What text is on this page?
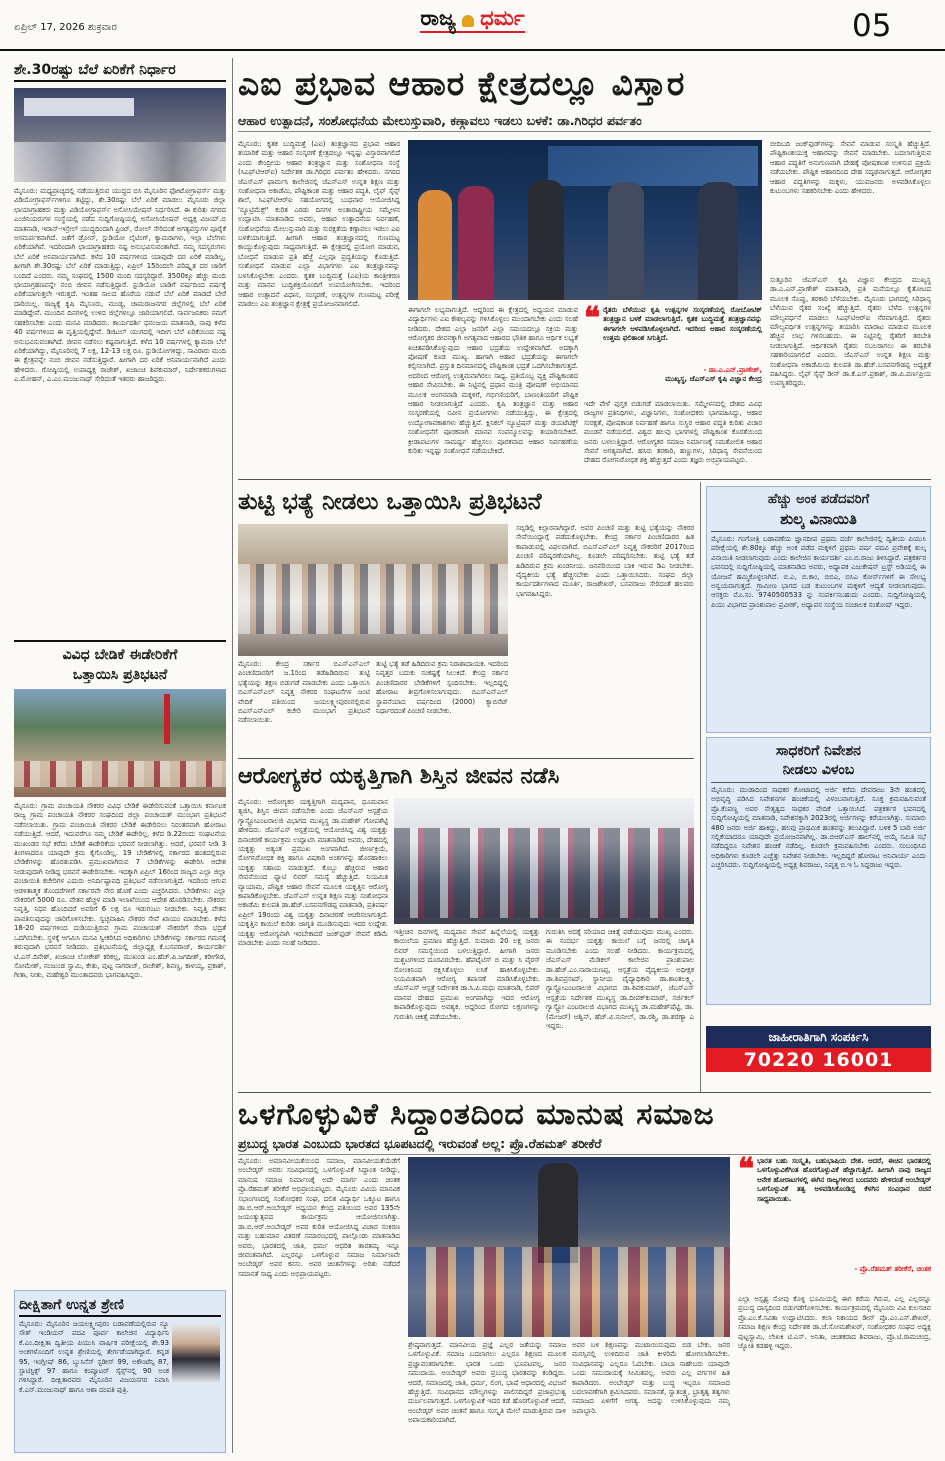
ಏಪ್ರಿಲ್ 17, 2026 ಶುಕ್ರವಾರ	ರಾಜ್ಯ ಧರ್ಮ	05
ಶೇ.30ರಷ್ಟು ಬೆಲೆ ಏರಿಕೆಗೆ ನಿರ್ಧಾರ
ಮೈಸೂರು: ಮಧ್ಯಪ್ರಾಚ್ಯದಲ್ಲಿ ನಡೆಯುತ್ತಿರುವ ಯುದ್ಧದ ಬಿಸಿ ಮೈಸೂರಿನ ಫೋಟೋಗ್ರಾಫರ್ಸ್ ಮತ್ತು ವಿಡಿಯೋಗ್ರಾಫರ್ಸ್‌ಗಳಿಗೂ ತಟ್ಟಿದ್ದು, ಶೇ.30ರಷ್ಟು ಬೆಲೆ ಏರಿಕೆ ಮಾಡಲು ಮೈಸೂರು ಜಿಲ್ಲಾ ಛಾಯಾಗ್ರಾಹಕರು ಮತ್ತು ವಿಡಿಯೋಗ್ರಾಫರ್ಸ್ ಅಸೋಸಿಯೇಷನ್ ನಿರ್ಧರಿಸಿದೆ. ಈ ಕುರಿತು ನಗರದ ಎಂಜಿನಿಯರುಗಳ ಸಂಸ್ಥೆಯಲ್ಲಿ ನಡೆದ ಸುದ್ದಿಗೋಷ್ಠಿಯಲ್ಲಿ ಅಸೋಸಿಯೇಷನ್ ಅಧ್ಯಕ್ಷ ವಿಜಯ್.ಬಿ ಮಾತನಾಡಿ, ಇರಾನ್-ಇಸ್ರೇಲ್ ಯುದ್ಧದಿಂದಾಗಿ ಫ್ರಿಂಟ್, ರೋಲ್ ಸೇರಿದಂತೆ ಅಗತ್ಯವಸ್ತುಗಳ ಪೂರೈಕೆ ಅಸಮರ್ಪಕವಾಗಿದೆ. ಜತೆಗೆ ಡ್ರೋನ್, ಸ್ಟುಡಿಯೋ ಲೈಟಿಂಗ್, ಕ್ಯಾಮರಾಗಳು, ಇಲ್ಲಾ ಬೆಲೆಗಳು ಏರಿಕೆಯಾಗಿವೆ. ಇದರಿಂದಾಗಿ ಛಾಯಾಗ್ರಾಹಕರು ನಷ್ಟ ಅನುಭವಿಸುವಂತಾಗಿದೆ. ನಮ್ಮ ಸದಸ್ಯರುಗಳು ಬೆಲೆ ಏರಿಕೆ ಅನಿವಾರ್ಯವಾಗಿದೆ. ಕಳೆದ 10 ವರ್ಷಗಳಿಂದ ಯಾವುದೇ ದರ ಏರಿಕೆ ಮಾಡಿಲ್ಲ, ಹೀಗಾಗಿ ಶೇ.30ರಷ್ಟು ಬೆಲೆ ಏರಿಕೆ ಮಾಡುತ್ತಿದ್ದು, ಏಪ್ರಿಲ್ 15ರಿಂದಲೇ ಪರಿಷ್ಕೃತ ದರ ಜಾರಿಗೆ ಬಂದಿದೆ ಎಂದರು. ನಮ್ಮ ಸಂಘದಲ್ಲಿ 1500 ಮಂದಿ ಸದಸ್ಯರಿದ್ದಾರೆ. 3500ಕ್ಕೂ ಹೆಚ್ಚು ಮಂದಿ ಛಾಯಾಗ್ರಹಣವನ್ನೇ ನಂಬಿ ಜೀವನ ನಡೆಸುತ್ತಿದ್ದಾರೆ. ಸ್ಟುಡಿಯೋ ಬಾಡಿಗೆ ವರ್ಷದಿಂದ ವರ್ಷಕ್ಕೆ ಏರಿಕೆಯಾಗುತ್ತಲೇ ಇರುತ್ತದೆ. ಇಂತಹ ಸಾಲದ ಹೊರೆಯ ನಡುವೆ ಬೆಲೆ ಏರಿಕೆ ಮಾಡದೆ ಬೇರೆ ದಾರಿಯಿಲ್ಲ. ರಾಜ್ಯಕ್ಕೆ ಕೃಷಿ ಮೈಸೂರು, ಮಂಡ್ಯ, ಚಾಮರಾಜನಗರ ಜಿಲ್ಲೆಗಳಲ್ಲಿ ಬೆಲೆ ಏರಿಕೆ ಮಾಡಿದ್ದೇವೆ. ಮುಂದಿನ ದಿನಗಳಲ್ಲಿ ಉಳಿದ ಜಿಲ್ಲೆಗಳಲ್ಲೂ ಜಾರಿಯಾಗಲಿದೆ. ಸಾರ್ವಜನಿಕರು ನಮಗೆ ಸಹಕರಿಸಬೇಕು ಎಂದು ಮನವಿ ಮಾಡಿದರು. ಕಾರ್ಯದರ್ಶಿ ಧನಂಜಯ ಮಾತನಾಡಿ, ನಾವು ಕಳೆದ 40 ವರ್ಷಗಳಿಂದ ಈ ವೃತ್ತಿಯಲ್ಲಿದ್ದೇವೆ. ಡಿಜಿಟಲ್ ಯುಗದಲ್ಲಿ ಇದೀಗ ಬೆಲೆ ಏರಿಕೆಯಿಂದ ನಷ್ಟ ಅನುಭವಿಸುವಂತಾಗಿದೆ. ಜೀವನ ನಡೆಸಲು ಕಷ್ಟವಾಗುತ್ತಿದೆ. ಕಳೆದ 10 ವರ್ಷಗಳಲ್ಲಿ ಕ್ಯಾಮರಾ ಬೆಲೆ ಏರಿಕೆಯಾಗಿದ್ದು, ಮೈಸೂರಿನಲ್ಲಿ 7 ಲಕ್ಷ, 12-13 ಲಕ್ಷ ರೂ. ಸ್ಟುಡಿಯೋಗಳಿದ್ದು, ಸಾವಿರಾರು ಮಂದಿ ಈ ಕ್ಷೇತ್ರವನ್ನೇ ನಂಬಿ ಜೀವನ ನಡೆಸುತ್ತಿದ್ದಾರೆ. ಹೀಗಾಗಿ ದರ ಏರಿಕೆ ಅನಿವಾರ್ಯವಾಗಿದೆ ಎಂದು ಹೇಳಿದರು. ಗೋಷ್ಠಿಯಲ್ಲಿ ಉಪಾಧ್ಯಕ್ಷ ರಾಜೇಶ್, ಖಜಾಂಚಿ ಶಿವಕುಮಾರ್, ನಿರ್ದೇಶಕರುಗಳಾದ ಎ.ಮೋಹನ್, ಎ.ಎಂ.ಮಂಜುನಾಥ್ ಸೇರಿದಂತೆ ಇತರರು ಹಾಜರಿದ್ದರು.
ವಿವಿಧ ಬೇಡಿಕೆ ಈಡೇರಿಕೆಗೆ
ಒತ್ತಾಯಿಸಿ ಪ್ರತಿಭಟನೆ
ಮೈಸೂರು: ಗ್ರಾಮ ಪಂಚಾಯತಿ ನೌಕರರ ವಿವಿಧ ಬೇಡಿಕೆ ಈಡೇರಿಸುವಂತೆ ಒತ್ತಾಯಿಸಿ ಕರ್ನಾಟಕ ರಾಜ್ಯ ಗ್ರಾಮ ಪಂಚಾಯತಿ ನೌಕರರ ಸಂಘದಿಂದ ಜಿಲ್ಲಾ ಪಂಚಾಯತ್ ಮುಂಭಾಗ ಪ್ರತಿಭಟನೆ ನಡೆಸಲಾಯಿತು. ಗ್ರಾಮ ಪಂಚಾಯಿತಿ ನೌಕರರ ಬೇಡಿಕೆ ಈಡೇರಿಸಲು ನಿರಂತರವಾಗಿ ಹೋರಾಟ ನಡೆಯುತ್ತಿದೆ. ಆದರೆ, ಇದುವರೆಗೂ ನಮ್ಮ ಬೇಡಿಕೆ ಈಡೇರಿಲ್ಲ. ಕಳೆದ ಡಿ.22ರಂದು ಸಂಘಟನೆಯ ಮುಖಂಡರ ಸಭೆ ಕರೆದು ಬೇಡಿಕೆ ಈಡೇರಿಕೆಯ ಭರವಸೆ ನೀಡಲಾಗಿತ್ತು. ಆದರೆ, ಭರವಸೆ ನೀಡಿ 3 ತಿಂಗಳಾದರೂ ಯಾವುದೇ ಕ್ರಮ ಕೈಗೊಂಡಿಲ್ಲ. 19 ಬೇಡಿಕೆಗಳಲ್ಲಿ ಸರ್ಕಾರದ ಹಂತದಲ್ಲಿರುವ ಬೇಡಿಕೆಗಳನ್ನು ಹೊರತುಪಡಿಸಿ ಪ್ರಮುಖವಾಗಿರುವ 7 ಬೇಡಿಕೆಗಳನ್ನು ಈಡೇರಿಸಿ ಆದೇಶ ನೀಡುವುದಾಗಿ ನೀಡಿದ್ದ ಭರವಸೆ ಈಡೇರಿಸಬೇಕು. ಇದಕ್ಕಾಗಿ ಏಪ್ರಿಲ್ 16ರಿಂದ ರಾಜ್ಯದ ಎಲ್ಲಾ ಜಿಲ್ಲಾ ಪಂಚಾಯಿತಿ ಕಚೇರಿಗಳ ಎದುರು ಅನಿರ್ದಿಷ್ಟಾವಧಿ ಪ್ರತಿಭಟನೆ ನಡೆಸಲಾಗುತ್ತಿದೆ. ಇದರಿಂದ ಆಗುವ ಆಡಳಿತಾತ್ಮಕ ತೊಂದರೆಗಳಿಗೆ ಸರ್ಕಾರವೇ ನೇರ ಹೊಣೆ ಎಂದು ಎಚ್ಚರಿಸಿದರು. ಬೇಡಿಕೆಗಳು: ಎಲ್ಲಾ ನೌಕರರಿಗೆ 5000 ರೂ. ವೇತನ ಹೆಚ್ಚಳ ಮಾಡಿ ಇಲಾಖೆಯಿಂದ ಆದೇಶ ಹೊರಡಿಸಬೇಕು. ನೌಕರರು ನಿವೃತ್ತಿ, ನಿಧನ ಹೊಂದಿದರೆ ಅವರಿಗೆ 6 ಲಕ್ಷ ರೂ ಇಡುಗಂಟು ನೀಡಬೇಕು. ನಿವೃತ್ತಿ ವೇತನ ಪಾವತಿಸುವುದನ್ನು ಜಾರಿಗೊಳಿಸಬೇಕು. ಸ್ವಚ್ಛವಾಹಿನಿ ನೌಕರರ ಸೇವೆ ಖಾಯಂ ಮಾಡಬೇಕು. ಕಳೆದ 18-20 ವರ್ಷಗಳಿಂದ ದುಡಿಯುತ್ತಿರುವ ಗ್ರಾಮ ಪಂಚಾಯತ್ ನೌಕರರಿಗೆ ಸೇವಾ ಭದ್ರತೆ ಒದಗಿಸಬೇಕು. ಸ್ಥಳಕ್ಕೆ ಆಗಮಿಸಿ ಮನವಿ ಸ್ವೀಕರಿಸಿದ ಅಧಿಕಾರಿಗಳು ಬೇಡಿಕೆಗಳನ್ನು ಸರ್ಕಾರದ ಗಮನಕ್ಕೆ ತರುವುದಾಗಿ ಭರವಸೆ ನೀಡಿದರು. ಪ್ರತಿಭಟನೆಯಲ್ಲಿ ಜಿಲ್ಲಾಧ್ಯಕ್ಷ ಕೆ.ಬಸವರಾಜ್, ಕಾರ್ಯದರ್ಶಿ ಟಿ.ಎಸ್.ದಿನೇಶ್, ಖಜಾಂಚಿ ಲೋಕೇಶ್ ಕರಿಕಲ್ಲ, ಮುಖಂಡ ಎಂ.ಹೆಚ್.ಪಿ.ಜಗದೀಶ್, ಕರೀಗೌಡ, ಸೋಮೇಶ್, ನಂಜುಂಡ ಸ್ವಾಮಿ, ಕೇತು, ಪುಟ್ಟ ನಾಗರಾಜ್, ರಾಜೇಶ್, ಶಿವಣ್ಣ, ಕಾಳಯ್ಯ, ಪ್ರಕಾಶ್, ಗೀತಾ, ನೀತು, ಮಹೇಶ್ವರಿ ಮುಂತಾದವರು ಭಾಗವಹಿಸಿದ್ದರು.
ದೀಕ್ಷಿತಾಗೆ ಉನ್ನತ ಶ್ರೇಣಿ
ಮೈಸೂರು: ಮೈಸೂರಿನ ಜಯಲಕ್ಷ್ಮೀಪುರಂ ಬಡಾವಣೆಯಲ್ಲಿರುವ ನ್ಯೂ ಸೌತ್ ಇಂಡಿಯನ್ ಪದವಿ ಪೂರ್ವ ಕಾಲೇಜಿನ ವಿದ್ಯಾರ್ಥಿನಿ ಕೆ.ಎಂ.ದೀಕ್ಷಿತಾ ದ್ವಿತೀಯ ಪಿಯುಸಿ ವಾರ್ಷಿಕ ಪರೀಕ್ಷೆಯಲ್ಲಿ ಶೇ.93 ಅಂಕಗಳೊಂದಿಗೆ ಉನ್ನತ ಶ್ರೇಣಿಯಲ್ಲಿ ತೇರ್ಗಡೆಯಾಗಿದ್ದಾರೆ. ಕನ್ನಡ 95, ಇಂಗ್ಲೀಷ್ 86, ಬ್ಯುಸಿನೆಸ್ ಸ್ಟಡೀಸ್ 99, ಅಕೌಂಟೆನ್ಸಿ 87, ಸ್ಟಾಟಿಸ್ಟಿಕ್ಸ್ 97 ಹಾಗೂ ಕಂಪ್ಯೂಟರ್ ಸೈನ್ಸ್‌ನಲ್ಲಿ 90 ಅಂಕ ಗಳಿಸಿದ್ದಾರೆ. ದೀಕ್ಷಿತಾರವರು ಮೈಸೂರಿನ ವಿಜಯನಗರ ನಿವಾಸಿ ಕೆ.ಎಸ್.ಮಂಜುನಾಥ್ ಹಾಗೂ ಆಶಾ ದಂಪತಿ ಪುತ್ರಿ.
ಎಐ ಪ್ರಭಾವ ಆಹಾರ ಕ್ಷೇತ್ರದಲ್ಲೂ ವಿಸ್ತಾರ
ಆಹಾರ ಉತ್ಪಾದನೆ, ಸಂಶೋಧನೆಯ ಮೇಲುಸ್ತುವಾರಿ, ಕಣ್ಗಾವಲು ಇಡಲು ಬಳಕೆ: ಡಾ.ಗಿರಿಧರ ಪರ್ವತಂ
ಮೈಸೂರು: ಕೃತಕ ಬುದ್ಧಿಮತ್ತೆ (ಎಐ) ತಂತ್ರಜ್ಞಾನದ ಪ್ರಭಾವ ಆಹಾರ ತಯಾರಿಕೆ ಮತ್ತು ಆಹಾರ ಸಂಸ್ಕರಣೆ ಕ್ಷೇತ್ರದಲ್ಲೂ ಇನ್ನಷ್ಟು ವಿಸ್ತಾರವಾಗಲಿದೆ ಎಂದು ಕೇಂದ್ರೀಯ ಆಹಾರ ತಂತ್ರಜ್ಞಾನ ಮತ್ತು ಸಂಶೋಧನಾ ಸಂಸ್ಥೆ (ಸಿಎಫ್‌ಟಿಆರ್‌ಐ) ನಿರ್ದೇಶಕ ಡಾ.ಗಿರಿಧರ ಪರ್ವತಂ ಹೇಳಿದರು. ನಗರದ ಜೆಎಸ್‌ಎಸ್ ಫಾರ್ಮಸಿ ಕಾಲೇಜಿನಲ್ಲಿ ಜೆಎಸ್‌ಎಸ್ ಉನ್ನತ ಶಿಕ್ಷಣ ಮತ್ತು ಸಂಶೋಧನಾ ಅಕಾಡೆಮಿ, ಪೌಷ್ಟಿಕಾಂಶ ಮತ್ತು ಆಹಾರ ಪದ್ಧತಿ, ಲೈಫ್ ಸೈನ್ಸ್ ಶಾಲೆ, ಸಿಎಫ್‌ಟಿಆರ್‌ಐ ಸಹಯೋಗದಲ್ಲಿ ಬುಧವಾರ ಆಯೋಜಿಸಿದ್ದ 'ನ್ಯೂಟ್ರಿಮೆಕ್ಸ್' ಕುರಿತ ಎರಡು ದಿನಗಳ ಅಂತಾರಾಷ್ಟ್ರೀಯ ಸಮ್ಮೇಳನ ಉದ್ಘಾಟಿಸಿ ಮಾತನಾಡಿದ ಅವರು, ಆಹಾರ ಉತ್ಪಾದನೆಯ ನಿರ್ವಹಣೆ, ಸಂಶೋಧನೆಯ ಮೇಲುಸ್ತುವಾರಿ ಮತ್ತು ಸುರಕ್ಷತೆಯ ಕಣ್ಗಾವಲು ಇಡಲು ಎಐ ಬಳಕೆಯಾಗುತ್ತಿದೆ. ಹೀಗಾಗಿ ಆಹಾರ ತಂತ್ರಜ್ಞಾನದಲ್ಲಿ ಗುಣಮಟ್ಟ ಕಾಯ್ದುಕೊಳ್ಳುವುದು ಸಾಧ್ಯವಾಗುತ್ತಿದೆ. ಈ ಕ್ಷೇತ್ರದಲ್ಲಿ ಪ್ರಯೋಗ ಮಾಡುವ, ಬೋಧನೆ ಮಾಡುವ ಪ್ರತಿ ಹೆಜ್ಜೆ ಎಲ್ಲವೂ ಪ್ರದ್ಧತಿಯನ್ನು ಕೊಡುತ್ತಿದೆ. ಸಂಶೋಧನೆ ಮಾಡುವ ಎಲ್ಲಾ ವಿಭಾಗಗಳು ಎಐ ತಂತ್ರಜ್ಞಾನವನ್ನು ಬಳಸಿಕೊಳ್ಳಬೇಕು ಎಂದರು. ಕೃತಕ ಬುದ್ಧಿಮತ್ತೆ (ಎಐ)ಯ ಕಾಂತ್ರೀಕರಣ ಮತ್ತು ಮಾನವ ಬುದ್ಧಿಶಕ್ತಿಯೊಂದಿಗೆ ಉಪಯೋಗಿಸಬೇಕು. ಇದರಿಂದ ಆಹಾರ ಉತ್ಪಾದನೆ ವಿಧಾನ, ಸಂಸ್ಕರಣೆ, ಉತ್ಪನ್ನಗಳ ಗುಣಮಟ್ಟ ಪರೀಕ್ಷೆ ಮಾಡಲು ಎಐ ತಂತ್ರಜ್ಞಾನ ಕ್ಷೇತ್ರಕ್ಕೆ ಪ್ರಯೋಜನವಾಗಲಿದೆ.
ಈಗಾಗಲೇ ಲಭ್ಯವಾಗುತ್ತಿದೆ. ಆದ್ದರಿಂದ ಈ ಕ್ಷೇತ್ರದಲ್ಲಿ ಅಧ್ಯಯನ ಮಾಡುವ ವಿದ್ಯಾರ್ಥಿಗಳು ಎಐ ಕೌಶಲ್ಯವನ್ನು ಗಳಿಸಿಕೊಳ್ಳಲು ಮುಂದಾಗಬೇಕು ಎಂದು ಸಲಹೆ ನೀಡಿದರು. ದೇಶದ ಎಲ್ಲಾ ಜನರಿಗೆ ಎಲ್ಲಾ ಸಮಯದಲ್ಲೂ ಸಕ್ರಿಯ ಮತ್ತು ಆರೋಗ್ಯಕರ ಜೀವನಕ್ಕಾಗಿ ಅಗತ್ಯವಾದ ಆಹಾರದ ಭೌತಿಕ ಹಾಗೂ ಆರ್ಥಿಕ ಲಭ್ಯತೆ ಖಚಿತಪಡಿಸಿಕೊಳ್ಳುವುದು ಆಹಾರ ಭದ್ರತೆಯ ಉದ್ದೇಶವಾಗಿದೆ. ಅದಕ್ಕಾಗಿ ಪೋಷಣೆ ಕೂಡ ಮುಖ್ಯ. ಹಾಗಾಗಿ ಆಹಾರ ಭದ್ರತೆಯನ್ನು ಈಗಾಗಲೇ ಕಲ್ಪಿಸಲಾಗಿದೆ. ಪ್ರಸ್ತುತ ದಿನಮಾನದಲ್ಲಿ ಪೌಷ್ಟಿಕಾಂಶ ಭದ್ರತೆ ಒದಗಿಸಬೇಕಾಗುತ್ತದೆ. ಅದರಿಂದ ಆರೋಗ್ಯ ಉತ್ತಮವಾಗಿರಲು ಸಾಧ್ಯ. ಪ್ರತಿಯೊಬ್ಬ ವ್ಯಕ್ತಿ ಪೌಷ್ಟಿಕಾಂಶದ ಆಹಾರ ಸೇವಿಸಬೇಕು. ಈ ನಿಟ್ಟಿನಲ್ಲಿ ಪ್ರಧಾನ ಮಂತ್ರಿ ಪೋಷಣ್ ಅಭಿಯಾನದ ಮೂಲಕ ಅಂಗನವಾಡಿ ಮಕ್ಕಳಿಗೆ, ಗರ್ಭಿಣಿಯರಿಗೆ, ಬಾಣಂತಿಯರಿಗೆ ಪೌಷ್ಟಿಕ ಆಹಾರ ನೀಡಲಾಗುತ್ತಿದೆ ಎಂದರು. ಕೃಷಿ ತಂತ್ರಜ್ಞಾನ ಮತ್ತು ಆಹಾರ ಸಂಸ್ಕರಣೆಯಲ್ಲಿ ನವೀನ ಪ್ರಯೋಗಗಳು ನಡೆಯುತ್ತಿದ್ದು, ಈ ಕ್ಷೇತ್ರದಲ್ಲಿ ಉದ್ಯೋಗಾವಕಾಶಗಳು ಹೆಚ್ಚುತ್ತಿವೆ. ಕ್ಲಿನಿಕಲ್ ನ್ಯೂಟ್ರಿಷನ್ ಮತ್ತು ಡಯಟೆಟಿಕ್ಸ್ ಸಂಶೋಧನೆಗೆ ಪೂರಕವಾಗಿ ಮಾನವ ಸಂಪನ್ಮೂಲವನ್ನು ತಯಾರಿಸಬೇಕಿದೆ. ಕ್ರೀಡಾಪಟುಗಳ ಸಾಮರ್ಥ್ಯ ಹೆಚ್ಚಿಸಲು ಪೂರಕವಾದ ಆಹಾರ ನಿರ್ವಹಣೆಯ ಕುರಿತು ಇನ್ನಷ್ಟು ಸಂಶೋಧನೆ ನಡೆಯಬೇಕಿದೆ.
❝ ರೈತರು ಬೆಳೆಯುವ ಕೃಷಿ ಉತ್ಪನ್ನಗಳ ಸಂಸ್ಕರಣೆಯಲ್ಲಿ ರೋಬೋಟಿಕ್ ತಂತ್ರಜ್ಞಾನ ಬಳಕೆ ಮಾಡಲಾಗುತ್ತಿದೆ. ಕೃತಕ ಬುದ್ಧಿಮತ್ತೆ ತಂತ್ರಜ್ಞಾನವನ್ನು ಈಗಾಗಲೇ ಅಳವಡಿಸಿಕೊಳ್ಳಲಾಗಿದೆ. ಇದರಿಂದ ಆಹಾರ ಸಂಸ್ಕರಣೆಯಲ್ಲಿ ಉತ್ತಮ ಫಲಿತಾಂಶ ಸಿಗುತ್ತಿದೆ.
- ಡಾ.ಎ.ಎನ್.ಪ್ರಾಣೇಶ್,
ಮುಖ್ಯಸ್ಥ, ಜೆಎಸ್‌ಎಸ್ ಕೃಷಿ ವಿಜ್ಞಾನ ಕೇಂದ್ರ
ಇದೇ ವೇಳೆ ಪುಸ್ತಕ ಬಿಡುಗಡೆ ಮಾಡಲಾಯಿತು. ಸಮ್ಮೇಳನದಲ್ಲಿ ದೇಶದ ವಿವಿಧ ರಾಜ್ಯಗಳ ಪ್ರತಿನಿಧಿಗಳು, ವಿಜ್ಞಾನಿಗಳು, ಸಂಶೋಧಕರು ಭಾಗವಹಿಸಿದ್ದು, ಆಹಾರ ಸುರಕ್ಷತೆ, ಪೋಷಕಾಂಶ ನಿರ್ವಹಣೆ ಹಾಗೂ ಸುಸ್ಥಿರ ಆಹಾರ ಪದ್ಧತಿ ಕುರಿತು ವಿಚಾರ ಮಂಡನೆ ನಡೆಯಲಿದೆ. ವಿಶ್ವದ ಹಲವು ಭಾಗಗಳಲ್ಲಿ ಪೌಷ್ಟಿಕಾಂಶ ಕೊರತೆಯಿಂದ ಜನರು ಬಳಲುತ್ತಿದ್ದಾರೆ. ಆರೋಗ್ಯಕರ ಸಮಾಜ ನಿರ್ಮಾಣಕ್ಕೆ ಸಮತೋಲಿತ ಆಹಾರ ಸೇವನೆ ಅಗತ್ಯವಾಗಿದೆ. ಹಸಿರು ತರಕಾರಿ, ಹಣ್ಣುಗಳು, ಸಿರಿಧಾನ್ಯ ಸೇವನೆಯಿಂದ ದೇಹದ ರೋಗನಿರೋಧಕ ಶಕ್ತಿ ಹೆಚ್ಚುತ್ತದೆ ಎಂದು ತಜ್ಞರು ಅಭಿಪ್ರಾಯಪಟ್ಟರು.
ಬೀದಿಬದಿ ಜಂಕ್‌ಫುಡ್‌ಗಳನ್ನು ಸೇವನೆ ಮಾಡುವ ಸಂಸ್ಕೃತಿ ಹೆಚ್ಚುತ್ತಿದೆ. ಪೌಷ್ಟಿಕಾಂಶಯುಕ್ತ ಆಹಾರವನ್ನು ಸೇವನೆ ಮಾಡಬೇಕು. ಬದಲಾಗುತ್ತಿರುವ ಆಹಾರ ಪದ್ಧತಿಗೆ ಅನುಗುಣವಾಗಿ ದೇಹಕ್ಕೆ ಪೋಷಕಾಂಶ ಉಳಿಸುವ ಪ್ರಕ್ರಿಯೆ ನಡೆಯಬೇಕು. ಪೌಷ್ಟಿಕ ಆಹಾರದಿಂದ ದೇಹ ಸದೃಢವಾಗುತ್ತದೆ. ಆರೋಗ್ಯಕರ ಆಹಾರ ಪದ್ಧತಿಗಳನ್ನು ಮಕ್ಕಳು, ಯುವಜನರು ಅಳವಡಿಸಿಕೊಳ್ಳಲು ಕುಟುಂಬಗಳು ಸಹಕರಿಸಬೇಕು ಎಂದು ಹೇಳಿದರು.
ಸುತ್ತೂರಿನ ಜೆಎಸ್‌ಎಸ್ ಕೃಷಿ ವಿಜ್ಞಾನ ಕೇಂದ್ರದ ಮುಖ್ಯಸ್ಥ ಡಾ.ಎ.ಎನ್.ಪ್ರಾಣೇಶ್ ಮಾತನಾಡಿ, ಪ್ರತಿ ಮನೆಯಲ್ಲೂ ಕೈತೋಟದ ಮೂಲಕ ಸೊಪ್ಪು, ತರಕಾರಿ ಬೆಳೆಯಬೇಕು. ಮೈಸೂರು ಭಾಗದಲ್ಲಿ ಸಿರಿಧಾನ್ಯ ಬೆಳೆಯುವ ರೈತರ ಸಂಖ್ಯೆ ಹೆಚ್ಚುತ್ತಿದೆ. ರೈತರು ಬೆಳೆದ ಉತ್ಪನ್ನಗಳ ಮೌಲ್ಯವರ್ಧನೆ ಮಾಡಲು ಸಿಎಫ್‌ಟಿಆರ್‌ಐ ನೆರವಾಗುತ್ತಿದೆ. ರೈತರು ಮೌಲ್ಯವರ್ಧಿತ ಉತ್ಪನ್ನಗಳನ್ನು ತಯಾರಿಸಿ ಮಾರಾಟ ಮಾಡುವ ಮೂಲಕ ಹೆಚ್ಚಿನ ಲಾಭ ಗಳಿಸಬಹುದು. ಈ ನಿಟ್ಟಿನಲ್ಲಿ ರೈತರಿಗೆ ತರಬೇತಿ ನೀಡಲಾಗುತ್ತಿದೆ. ಆರ್ಥಿಕವಾಗಿ ರೈತರು ಸಬಲರಾಗಲು ಈ ತರಬೇತಿ ಸಹಕಾರಿಯಾಗಲಿದೆ ಎಂದರು. ಜೆಎಸ್‌ಎಸ್ ಉನ್ನತ ಶಿಕ್ಷಣ ಮತ್ತು ಸಂಶೋಧನಾ ಅಕಾಡೆಮಿಯ ಕುಲಪತಿ ಡಾ.ಹೆಚ್.ಬಸವನಗೌಡಪ್ಪ ಅಧ್ಯಕ್ಷತೆ ವಹಿಸಿದ್ದರು. ಲೈಫ್ ಸೈನ್ಸ್ ಡೀನ್ ಡಾ.ಕೆ.ಎಸ್.ಪ್ರಕಾಶ್, ಡಾ.ಪಿ.ವರ್ಣಪ್ರಿಯ ಉಪಸ್ಥಿತರಿದ್ದರು.
ತುಟ್ಟಿ ಭತ್ಯೆ ನೀಡಲು ಒತ್ತಾಯಿಸಿ ಪ್ರತಿಭಟನೆ
ಸಬ್ಸಿಡಿಲ್ಲಿ ಕಿಲ್ಲಾರನಾಗಿದ್ದಾರೆ. ಅವರ ಪಿಂಚಣಿ ಮತ್ತು ತುಟ್ಟಿ ಭತ್ಯೆಯನ್ನು ನೌಕರರ ಸೇವೆಯಿಂದ್ದಾಗ್ಗೆ ಪಡೆದುಕೊಳ್ಳಬೇಕು. ಕೇಂದ್ರ ಸರ್ಕಾರ ಪಿಂಚಣಿದಾರರ ಹಿತ ಕಾಪಾಡುವಲ್ಲಿ ವಿಫಲವಾಗಿದೆ. ಬಿಎಸ್‌ಎನ್‌ಎಲ್ ನಿವೃತ್ತ ನೌಕರರಿಗೆ 2017ರಿಂದ ಪಿಂಚಣಿ ಪರಿಷ್ಕರಣೆಯಾಗಿಲ್ಲ. ಕೂಡಲೇ ಪರಿಷ್ಕರಿಸಬೇಕು. ತುಟ್ಟಿ ಭತ್ಯೆ ತಡೆ ಹಿಡಿದಿರುವ ಕ್ರಮ ಖಂಡನೀಯ. ಜನವರಿಯಿಂದ ಬಾಕಿ ಇರುವ ಡಿಎ ನೀಡಬೇಕು. ವೈದ್ಯಕೀಯ ಭತ್ಯೆ ಹೆಚ್ಚಿಸಬೇಕು ಎಂದು ಒತ್ತಾಯಿಸಿದರು. ಸಂಘದ ಜಿಲ್ಲಾ ಕಾರ್ಯದರ್ಶಿಗಳಾದ ಮೂರ್ತಿ, ರಾಜಶೇಖರ್, ಬಸವರಾಜು ಸೇರಿದಂತೆ ಹಲವರು ಭಾಗವಹಿಸಿದ್ದರು.
ಮೈಸೂರು: ಕೇಂದ್ರ ಸರ್ಕಾರ ಬಿಎಸ್‌ಎನ್‌ಎಲ್ ಪಿಂಚಣಿದಾರರಿಗೆ ಜ.1ರಿಂದ ತಡೆಹಿಡಿದಿರುವ ತುಟ್ಟಿ ಭತ್ಯೆಯನ್ನು ತಕ್ಷಣ ಬಿಡುಗಡೆ ಮಾಡಬೇಕು ಎಂದು ಒತ್ತಾಯಿಸಿ ಬಿಎಸ್‌ಎನ್‌ಎಲ್ ನಿವೃತ್ತ ನೌಕರರ ಸಂಘಟನೆಗಳ ಜಂಟಿ ವೇದಿಕೆ ವತಿಯಿಂದ ಜಯಲಕ್ಷ್ಮೀಪುರಂನಲ್ಲಿರುವ ಬಿಎಸ್‌ಎನ್‌ಎಲ್ ಕಚೇರಿ ಮುಂಭಾಗ ಪ್ರತಿಭಟನೆ ನಡೆಸಲಾಯಿತು.
ತುಟ್ಟಿ ಭತ್ಯೆ ತಡೆ ಹಿಡಿದಿರುವ ಕ್ರಮ ನಿರಾಶಾದಾಯಕ. ಇದರಿಂದ ನಿವೃತ್ತರ ಬದುಕು ಸಂಕಷ್ಟಕ್ಕೆ ಸಿಲುಕಿದೆ. ಕೇಂದ್ರ ಸರ್ಕಾರ ಪಿಂಚಣಿದಾರರ ಬೇಡಿಕೆಗಳಿಗೆ ಸ್ಪಂದಿಸಬೇಕು. ಇಲ್ಲದಿದ್ದಲ್ಲಿ ಹೋರಾಟ ತೀವ್ರಗೊಳಿಸಲಾಗುವುದು. ಬಿಎಸ್‌ಎನ್‌ಎಲ್ ಸ್ಥಾಪನೆಯಾದ ವರ್ಷದಿಂದ (2000) ಕ್ಯಾಬಿನೆಟ್ ನಿರ್ಧಾರದಂತೆ ಪಿಂಚಣಿ ನೀಡಬೇಕು.
ಹೆಚ್ಚು ಅಂಕ ಪಡೆದವರಿಗೆ
ಶುಲ್ಕ ವಿನಾಯಿತಿ
ಮೈಸೂರು: ಗಂಗೋತ್ರಿ ಬಡಾವಣೆಯ ಜ್ಞಾನದೀಪ ಪ್ರಥಮ ದರ್ಜೆ ಕಾಲೇಜಿನಲ್ಲಿ ದ್ವಿತೀಯ ಪಿಯುಸಿ ಪರೀಕ್ಷೆಯಲ್ಲಿ ಶೇ.80ಕ್ಕೂ ಹೆಚ್ಚು ಅಂಕ ಪಡೆದ ಮಕ್ಕಳಿಗೆ ಪ್ರಥಮ ವರ್ಷ ಪದವಿ ಪ್ರವೇಶಕ್ಕೆ ಶುಲ್ಕ ವಿನಾಯಿತಿ ನೀಡಲಾಗುವುದು ಎಂದು ಕಾಲೇಜಿನ ಕಾರ್ಯದರ್ಶಿ ಎಂ.ಬಿ.ರಾಜು ತಿಳಿಸಿದ್ದಾರೆ. ಪತ್ರಕರ್ತರ ಭವನದಲ್ಲಿ ಸುದ್ದಿಗೋಷ್ಠಿಯಲ್ಲಿ ಮಾತನಾಡಿದ ಅವರು, ಅಧ್ಯಾಪಕ ಎಜುಕೇಷನ್ ಟ್ರಸ್ಟ್ ಅಡಿಯಲ್ಲಿ ಈ ಯೋಜನೆ ಹಮ್ಮಿಕೊಳ್ಳಲಾಗಿದೆ. ಬಿ.ಎ, ಬಿ.ಕಾಂ, ಬಿಬಿಎ, ಬಿಸಿಎ ಕೋರ್ಸ್‌ಗಳಿಗೆ ಈ ಸೌಲಭ್ಯ ಅನ್ವಯವಾಗುತ್ತದೆ. ಗ್ರಾಮೀಣ ಭಾಗದ ಬಡ ಕುಟುಂಬಗಳ ಮಕ್ಕಳಿಗೆ ಆದ್ಯತೆ ನೀಡಲಾಗುವುದು. ಆಸಕ್ತರು ಮೊ.ಸಂ. 9740500533 ನ್ನು ಸಂಪರ್ಕಿಸಬಹುದು ಎಂದರು. ಸುದ್ದಿಗೋಷ್ಠಿಯಲ್ಲಿ ಪಿಯು ವಿಭಾಗದ ಪ್ರಾಂಶುಪಾಲ ಪ್ರವೀಣ್, ಅಧ್ಯಾಪನ ಸಂಸ್ಥೆಯ ಸಂಚಾಲಕ ಸಂತೋಷ್ ಇದ್ದರು.
ಸಾಧಕರಿಗೆ ನಿವೇಶನ
ನೀಡಲು ವಿಳಂಬ
ಮೈಸೂರು: ಮುಡಾದಿಂದ ಸಾಧಕರ ಕೋಟಾದಲ್ಲಿ ಅರ್ಜಿ ಕರೆದು ದೇವರಾಜು 3ನೇ ಹಂತದಲ್ಲಿ ಅಭಿವೃದ್ಧಿ ಪಡಿಸಿದ ನಿವೇಶನಗಳ ಹಂಚಿಕೆಯಲ್ಲಿ ವಿಳಂಬವಾಗುತ್ತಿದೆ. ಸೂಕ್ತ ಕ್ರಮವಹಿಸುವಂತೆ ಪ್ರೊ.ಕೆಂಪಣ್ಣ ಅವರ ನೇತೃತ್ವದ ಸಾಧಕರ ವೇದಿಕೆ ಒತ್ತಾಯಿಸಿದೆ. ಪತ್ರಕರ್ತರ ಭವನದಲ್ಲಿ ಸುದ್ದಿಗೋಷ್ಠಿಯಲ್ಲಿ ಮಾತನಾಡಿ, ನಿವೇಶನಕ್ಕಾಗಿ 2023ರಲ್ಲಿ ಅರ್ಜಿಗಳನ್ನು ಕರೆಯಲಾಗಿತ್ತು. ಸುಮಾರು 480 ಜನರು ಅರ್ಜಿ ಹಾಕಿದ್ದು, ಹಲವು ಪ್ರಾಥಮಿಕ ಹಂತವನ್ನು ತಲುಪಿದ್ದಾರೆ. ಬಳಿಕ 5 ಬಾರಿ ಅರ್ಜಿ ಸಲ್ಲಿಕೆಯಾದರೂ ಯಾವುದೇ ಪ್ರಯೋಜನವಾಗಿಲ್ಲ. ಡಾ.ಬಿಆರ್‌ಎಸ್ ಹಾಲ್‌ನಲ್ಲಿ ಆಯ್ಕೆ ಸಮಿತಿ ಸಭೆ ನಡೆದಿದ್ದರೂ ನಿವೇಶನ ಹಂಚಿಕೆ ನಡೆದಿಲ್ಲ. ಕೂಡಲೇ ಕ್ರಮವಹಿಸಬೇಕು ಎಂದರು. ಸಂಬಂಧಿಸಿದ ಅಧಿಕಾರಿಗಳು ಕೂಡಲೇ ಎಚ್ಚೆತ್ತು ನಿವೇಶನ ನೀಡಬೇಕು. ಇಲ್ಲದಿದ್ದರೆ ಹೋರಾಟ ಅನಿವಾರ್ಯ ಎಂದು ಎಚ್ಚರಿಸಿದರು. ಸುದ್ದಿಗೋಷ್ಠಿಯಲ್ಲಿ ಅಧ್ಯಕ್ಷ ಶಿವರಾಜು, ನಿವೃತ್ತ ಬಿ.ಇ ಓ ಸಿದ್ದರಾಜು ಇದ್ದರು.
ಜಾಹೀರಾತಿಗಾಗಿ ಸಂಪರ್ಕಿಸಿ
70220 16001
ಆರೋಗ್ಯಕರ ಯಕೃತ್ತಿಗಾಗಿ ಶಿಸ್ತಿನ ಜೀವನ ನಡೆಸಿ
ಮೈಸೂರು: ಆರೋಗ್ಯಕರ ಯಕೃತ್ತಿಗಾಗಿ ಮದ್ಯಪಾನ, ಧೂಮಪಾನ ತ್ಯಜಿಸಿ, ಶಿಸ್ತಿನ ಜೀವನ ನಡೆಸಬೇಕು ಎಂದು ಜೆಎಸ್‌ಎಸ್ ಆಸ್ಪತ್ರೆಯ ಗ್ಯಾಸ್ಟ್ರೋಎಂಟರಾಲಜಿ ವಿಭಾಗದ ಮುಖ್ಯಸ್ಥ ಡಾ.ಮಹೇಶ್ ಗೋಪಶೆಟ್ಟಿ ಹೇಳಿದರು. ಜೆಎಸ್‌ಎಸ್ ಆಸ್ಪತ್ರೆಯಲ್ಲಿ ಆಯೋಜಿಸಿದ್ದ ವಿಶ್ವ ಯಕೃತ್ತು ದಿನಾಚರಣೆ ಕಾರ್ಯಕ್ರಮ ಉದ್ಘಾಟಿಸಿ ಮಾತನಾಡಿದ ಅವರು, ದೇಹದಲ್ಲಿ ಯಕೃತ್ತು ಅತ್ಯಂತ ಪ್ರಮುಖ ಅಂಗವಾಗಿದೆ. ಜೀರ್ಣಕ್ರಿಯೆ, ರೋಗನಿರೋಧಕ ಶಕ್ತಿ ಹಾಗೂ ವಿಷಕಾರಿ ಅಂಶಗಳನ್ನು ಹೊರಹಾಕಲು ಯಕೃತ್ತು ಸಹಾಯ ಮಾಡುತ್ತದೆ. ಕೊಬ್ಬು ಹೆಚ್ಚಿರುವ ಆಹಾರ ಸೇವನೆಯಿಂದ ಫ್ಯಾಟಿ ಲಿವರ್ ಸಮಸ್ಯೆ ಹೆಚ್ಚುತ್ತಿದೆ. ನಿಯಮಿತ ವ್ಯಾಯಾಮ, ಪೌಷ್ಟಿಕ ಆಹಾರ ಸೇವನೆ ಮೂಲಕ ಯಕೃತ್ತಿನ ಆರೋಗ್ಯ ಕಾಪಾಡಿಕೊಳ್ಳಬೇಕು. ಜೆಎಸ್‌ಎಸ್ ಉನ್ನತ ಶಿಕ್ಷಣ ಮತ್ತು ಸಂಶೋಧನಾ ಅಕಾಡೆಮಿ ಕುಲಪತಿ ಡಾ.ಹೆಚ್.ಬಸವನಗೌಡಪ್ಪ ಮಾತನಾಡಿ, ಪ್ರತಿವರ್ಷ ಏಪ್ರಿಲ್ 19ರಂದು ವಿಶ್ವ ಯಕೃತ್ತು ದಿನಾಚರಣೆ ಆಚರಿಸಲಾಗುತ್ತದೆ. ಯಕೃತ್ತಿನ ಕಾಯಿಲೆ ಕುರಿತು ಜಾಗೃತಿ ಮೂಡಿಸುವುದು ಇದರ ಉದ್ದೇಶ. ಯಕೃತ್ತು ಆರೋಗ್ಯವಾಗಿ ಇರಬೇಕಾದರೆ ಜಂಕ್‌ಫುಡ್ ಸೇವನೆ ಕಡಿಮೆ ಮಾಡಬೇಕು ಎಂದು ಸಲಹೆ ನೀಡಿದರು.
ಇತ್ತೀಚಿನ ದಿನಗಳಲ್ಲಿ ಮದ್ಯಪಾನ ಸೇವನೆ ಹಿನ್ನೆಲೆಯಲ್ಲಿ ಯಕೃತ್ತು ಕಾಯಿಲೆಯ ಪ್ರಮಾಣ ಹೆಚ್ಚುತ್ತಿದೆ. ಸುಮಾರು 20 ಲಕ್ಷ ಜನರು ಲಿವರ್ ಸಮಸ್ಯೆಯಿಂದ ಬಳಲುತ್ತಿದ್ದಾರೆ. ಹೀಗಾಗಿ ಜನರು ದುಶ್ಚಟಗಳಿಂದ ದೂರವಿರಬೇಕು. ಹೆಪಟೈಟಿಸ್ ಬಿ ಮತ್ತು ಸಿ ವೈರಸ್ ಸೋಂಕಿನಿಂದ ರಕ್ಷಿಸಿಕೊಳ್ಳಲು ಲಸಿಕೆ ಹಾಕಿಸಿಕೊಳ್ಳಬೇಕು. ನಿಯಮಿತವಾಗಿ ಆರೋಗ್ಯ ತಪಾಸಣೆ ಮಾಡಿಸಿಕೊಳ್ಳಬೇಕು. ಜೆಎಸ್‌ಎಸ್ ಆಸ್ಪತ್ರೆ ನಿರ್ದೇಶಕ ಡಾ.ಸಿ.ಪಿ.ಮಧು ಮಾತನಾಡಿ, ಲಿವರ್ ಮಾನವ ದೇಹದ ಪ್ರಮುಖ ಅಂಗವಾಗಿದ್ದು ಇದರ ಆರೋಗ್ಯ ಕಾಪಾಡಿಕೊಳ್ಳುವುದು ಅವಶ್ಯಕ. ಆದ್ದರಿಂದ ರೋಗದ ಲಕ್ಷಣಗಳನ್ನು ಗುರುತಿಸಿ ಚಿಕಿತ್ಸೆ ಪಡೆಯಬೇಕು.
ಗುರುತಿಸಿ ಅದಕ್ಕೆ ಸರಿಯಾದ ಚಿಕಿತ್ಸೆ ಪಡೆಯುವುದು ಮುಖ್ಯ ಎಂದರು. ಈ ಸಂದರ್ಭ ಯಕೃತ್ತು ಕಾಯಿಲೆ ಬಗ್ಗೆ ಜನರಲ್ಲಿ ಜಾಗೃತಿ ಮೂಡಿಸಬೇಕು ಎಂದು ಸಲಹೆ ನೀಡಿದರು. ಕಾರ್ಯಕ್ರಮದಲ್ಲಿ ಜೆಎಸ್‌ಎಸ್ ಮೆಡಿಕಲ್ ಕಾಲೇಜಿನ ಪ್ರಾಂಶುಪಾಲ ಡಾ.ಹೆಚ್.ಎಂ.ನಾರಾಯಣಪ್ಪ, ಆಸ್ಪತ್ರೆಯ ವೈದ್ಯಕೀಯ ಅಧೀಕ್ಷಕ ಡಾ.ಶಿವಪ್ರಸಾದ್, ಸ್ಥಾನೀಯ ವೈದ್ಯಾಧಿಕಾರಿ ಡಾ.ಶಾಂತಲಕ್ಷ್ಮಿ, ಗ್ಯಾಸ್ಟ್ರೋಎಂಟರಾಲಜಿ ವಿಭಾಗದ ಡಾ.ಶಿವಕುಮಾರ್, ಜೆಎಸ್‌ಎಸ್ ಆಸ್ಪತ್ರೆಯ ನಿರ್ದೇಶಕ ಮುಖ್ಯಸ್ಥ ಡಾ.ದೀಪಕ್‌ಕುಮಾರ್, ಸರ್ಜಿಕಲ್ ಗ್ಯಾಸ್ಟ್ರೋ ಎಂಟರಾಲಜಿ ವಿಭಾಗದ ಮುಖ್ಯಸ್ಥ ಡಾ.ಮಹೇಶ್‌ಷೆಟ್ಟಿ, ಡಾ.(ಮೇಜರ್) ಅಶ್ವಿನ್, ಹೆಚ್.ವಿ.ಸುನೀಲ್, ಡಾ.ರಶ್ಮಿ, ಡಾ.ಶರಣ್ಯಾ ಎ ಇದ್ದರು.
ಒಳಗೊಳ್ಳುವಿಕೆ ಸಿದ್ಧಾಂತದಿಂದ ಮಾನುಷ ಸಮಾಜ
ಪ್ರಬುದ್ಧ ಭಾರತ ಎಂಬುದು ಭಾರತದ ಭೂಪಟದಲ್ಲಿ ಇರುವಂತೆ ಅಲ್ಲ: ಪ್ರೊ.ರೆಹಮತ್ ತರೀಕೆರೆ
ಮೈಸೂರು: ಅಮಾನವೀಯತೆಯಿಂದ ಸಮಾಜ, ಮಾನವೀಯತೆಯೆಡೆಗೆ ಅಂಬೇಡ್ಕರ್ ಅವರು ಸಂವಿಧಾನದಲ್ಲಿ ಒಳಗೊಳ್ಳುವಿಕೆ ಸಿದ್ಧಾಂತ ನೀಡಿದ್ದು, ಮಾನುಷ ಸಮಾಜ ನಿರ್ಮಾಣಕ್ಕೆ ಅದೇ ಮಾರ್ಗ ಎಂದು ಚಿಂತಕ ಪ್ರೊ.ರೆಹಮತ್ ತರೀಕೆರೆ ಅಭಿಪ್ರಾಯಪಟ್ಟರು. ಮೈಸೂರು ವಿವಿಯ ಮಾನವಿಕ ಸಭಾಂಗಣದಲ್ಲಿ ಸಂಶೋಧಕರ ಸಂಘ, ದಲಿತ ವಿದ್ಯಾರ್ಥಿ ಒಕ್ಕೂಟ ಹಾಗೂ ಡಾ.ಬಿ.ಆರ್.ಅಂಬೇಡ್ಕರ್ ಅಧ್ಯಯನ ಕೇಂದ್ರ ವತಿಯಿಂದ ಅವರ 135ನೇ ಜಯಂತ್ಯುತ್ಸವದ ಕಾರ್ಯಕ್ರಮ ಆಯೋಜಿಸಲಾಗಿತ್ತು. ಡಾ.ಬಿ.ಆರ್.ಅಂಬೇಡ್ಕರ್ ಅವರ ಕುರಿತ ಆಯೋಜಿಸಿದ್ದ ವಿಚಾರ ಸಂಕಿರಣ ಮತ್ತು ಬಹುಮಾನ ವಿತರಣೆ ಸಮಾರಂಭದಲ್ಲಿ ಪಾಲ್ಗೊಂಡು ಮಾತನಾಡಿದ ಅವರು, ಭಾರತದಲ್ಲಿ ಜಾತಿ, ಧರ್ಮ ಆಧರಿತ ತಾರತಮ್ಯ ಇನ್ನೂ ಜೀವಂತವಾಗಿದೆ. ಎಲ್ಲರನ್ನೂ ಒಳಗೊಳ್ಳುವ ಸಮಾಜ ನಿರ್ಮಾಣವೇ ಅಂಬೇಡ್ಕರ್ ಅವರ ಕನಸು. ಅವರ ಚಿಂತನೆಗಳನ್ನು ಅರಿತು ನಡೆದರೆ ಸಮಾನತೆ ಸಾಧ್ಯ ಎಂದು ಅಭಿಪ್ರಾಯಪಟ್ಟರು.
ಶ್ರೇಷ್ಠವಾಗುತ್ತದೆ. ಮಾನವೀಯ ಪ್ರಜ್ಞೆ ಎಲ್ಲರ ಜತೆಯನ್ನು ಸಮಾಜ ಒಳಗೊಳ್ಳುವಿಕೆ. ಸಮಾಜ ಬದಲಾಗಲು ಎಲ್ಲರೂ ಶಿಕ್ಷಣದ ಮೂಲಕ ಪ್ರಜ್ಞಾವಂತರಾಗಬೇಕು. ಭಾರತ ಒಂದು ಭೂಪಟವಲ್ಲ, ಜನರ ಸಮುದಾಯ. ಅಂಬೇಡ್ಕರ್ ಅವರು ಪ್ರಬುದ್ಧ ಭಾರತವನ್ನು ಕಂಡಿದ್ದರು. ಆದರೆ, ಸಮಾಜದಲ್ಲಿ ಜಾತಿ, ಧರ್ಮ, ಲಿಂಗ, ಭಾಷೆ ಆಧಾರದಲ್ಲಿ ವಿಭಜನೆ ಹೆಚ್ಚುತ್ತಿದೆ. ಸಂವಿಧಾನದ ಮೌಲ್ಯಗಳನ್ನು ಪಾಲಿಸದಿದ್ದರೆ ಪ್ರಜಾಪ್ರಭುತ್ವ ದುರ್ಬಲವಾಗುತ್ತದೆ. ಒಳಗೊಳ್ಳುವಿಕೆ ಇದರ ಕಡೆ ಹೊರಗೊಳ್ಳುವಿಕೆ ಆದರೆ, ಅಂಬೇಡ್ಕರ್ ಅವರ ಚಿಂತನೆ ಹಾಗೂ ಸಂಸ್ಕೃತಿ ಮೇಲೆ ಮಾಡುತ್ತಿರುವ ದಾಳಿ ಅಪಾಯಕಾರಿಯಾಗಿದೆ.
ಅವರ ಬಳಿ ಶಿಕ್ಷಣವನ್ನು ಮುಟಾಯಿಸುವುದು ಬಿಡ ಬೇಕು. ಜನರ ಮನಸ್ಸಿನಲ್ಲಿ ಉಳಿದಿರುವ ಜಾತಿ ಕೀಳರಿಮೆ ಹೋಗಲಾಡಿಸಬೇಕು. ಸಂವಿಧಾನವನ್ನು ಎಲ್ಲರೂ ಓದಬೇಕು. ಬಾಬಾ ಸಾಹೇಬರು ಯಾವುದೇ ಒಂದು ಸಮುದಾಯಕ್ಕೆ ಸೀಮಿತವಲ್ಲ. ಅವರು ಎಲ್ಲ ವರ್ಗಗಳ ಹಿತ ಕಾಪಾಡಿದರು. ಅಂಬೇಡ್ಕರ್ ಮತ್ತು ಬುದ್ಧ ಇಬ್ಬರೂ ಸಮಾಜದ ಬದಲಾವಣೆಗಾಗಿ ಶ್ರಮಿಸಿದವರು. ಸಮಾನತೆ, ಸ್ವಾತಂತ್ರ್ಯ, ಭ್ರಾತೃತ್ವ ತತ್ವಗಳು ಸಮಾಜದ ಏಳಿಗೆಗೆ ಅಗತ್ಯ. ಅದನ್ನು ಉಳಿಸಿಕೊಳ್ಳುವುದು ನಮ್ಮ ಜವಾಬ್ದಾರಿ.
❝ ಭಾರತ ಬಹು ಸಂಸ್ಕೃತಿ, ಬಹುಭಾಷಿಯ ದೇಶ. ಆದರೆ, ಈಚಿನ ಭಾರತದಲ್ಲಿ ಒಳಗೊಳ್ಳುವಿಕೆಗಿಂತ ಹೊರಗೊಳ್ಳುವಿಕೆ ಹೆಚ್ಚಾಗುತ್ತಿದೆ. ಹೀಗಾಗಿ ನಾವು ರಾಜ್ಯದ ಆನೇಕ ಹೋರಾಟಗಳಲ್ಲಿ ಈಗಿನ ರಾಜ್ಯಗಳಿಂದ ಬಂದವರು ಹೇಳಿದಂತೆ ಅಂಬೇಡ್ಕರ್ ಒಳಗೊಳ್ಳುವಿಕೆ ತತ್ವ ಅಳವಡಿಸಿಕೊಂಡಿದ್ದ ಕೆಳಗಿನ ಸಂವಿಧಾನ ರಚನೆ ಸಾಧ್ಯವಾಯಿತು.
- ಪ್ರೊ.ರೆಹಮತ್ ತರೀಕೆರೆ, ಚಿಂತಕ
ಎಲ್ಲಾ ಅಸ್ಪೃಶ್ಯ ನೋವು ಕೊಳ್ಳಿ ಭೂಮಿಯಲ್ಲಿ ಈಗ ಕರೆಯ ಗಿರುವ, ಎಲ್ಲ ಎಲ್ಲರನ್ನೂ ಪ್ರಬುದ್ಧ ದಾಸ್ಯದಿಂದ ಬಿಡುಗಡೆಗೊಳಿಸಬೇಕು. ಕಾರ್ಯಕ್ರಮದಲ್ಲಿ ಮೈಸೂರು ವಿವಿ ಕುಲಸಚಿವ ಪ್ರೊ.ಎಂ.ಕೆ.ಸವಿತಾ ಉದ್ಘಾಟಿಸಿದರು. ಕಲಾ ನಿಕಾಯದ ಡೀನ್ ಪ್ರೊ.ಎಂ.ಎಸ್.ಶೇಖರ್, ಸಮಾಜ ಶಿಕ್ಷಣ ಕೇಂದ್ರ ನಿರ್ದೇಶಕ ಡಾ.ಜೆ.ಸೋಮಶೇಖರ್, ಸಂಶೋಧಕರ ಸಂಘದ ಅಧ್ಯಕ್ಷ ಪುಟ್ಟಸ್ವಾಮಿ, ಲೇಖಕಿ ಟಿ.ಎಸ್. ಅನಿತಾ, ಚಿಂತಕರಾದ ಶಿವರಾಜು, ಪ್ರೊ.ಟಿ.ರಾಮಚಂದ್ರ, ಜ್ಯೋತಿ ಕಡಹಳ್ಳಿ ಇದ್ದರು.
